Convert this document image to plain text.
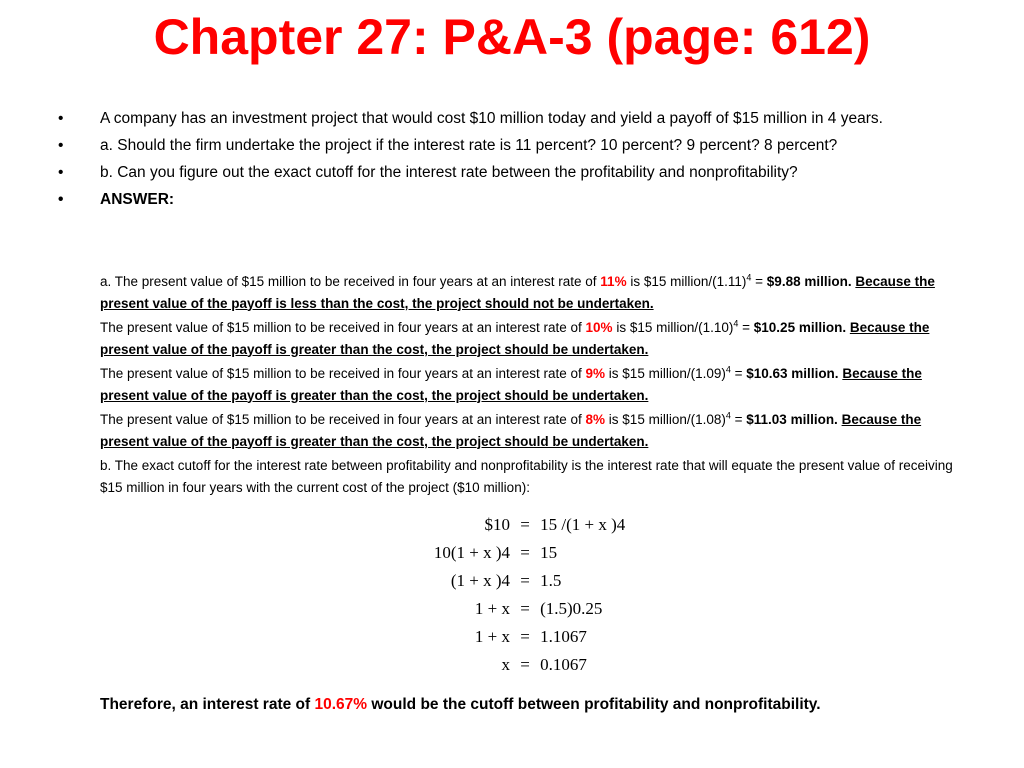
Chapter 27: P&A-3 (page: 612)
• A company has an investment project that would cost $10 million today and yield a payoff of $15 million in 4 years.
• a. Should the firm undertake the project if the interest rate is 11 percent? 10 percent? 9 percent? 8 percent?
• b. Can you figure out the exact cutoff for the interest rate between the profitability and nonprofitability?
• ANSWER:
a. The present value of $15 million to be received in four years at an interest rate of 11% is $15 million/$(1.11)^4$ = $9.88 million. Because the present value of the payoff is less than the cost, the project should not be undertaken.
The present value of $15 million to be received in four years at an interest rate of 10% is $15 million/$(1.10)^4$ = $10.25 million. Because the present value of the payoff is greater than the cost, the project should be undertaken.
The present value of $15 million to be received in four years at an interest rate of 9% is $15 million/$(1.09)^4$ = $10.63 million. Because the present value of the payoff is greater than the cost, the project should be undertaken.
The present value of $15 million to be received in four years at an interest rate of 8% is $15 million/$(1.08)^4$ = $11.03 million. Because the present value of the payoff is greater than the cost, the project should be undertaken.
b. The exact cutoff for the interest rate between profitability and nonprofitability is the interest rate that will equate the present value of receiving $15 million in four years with the current cost of the project ($10 million):
$10 = 15 /(1 + x )4
10(1 + x )4 = 15
(1 + x )4 = 1.5
1 + x = (1.5)0.25
1 + x = 1.1067
x = 0.1067
Therefore, an interest rate of 10.67% would be the cutoff between profitability and nonprofitability.
